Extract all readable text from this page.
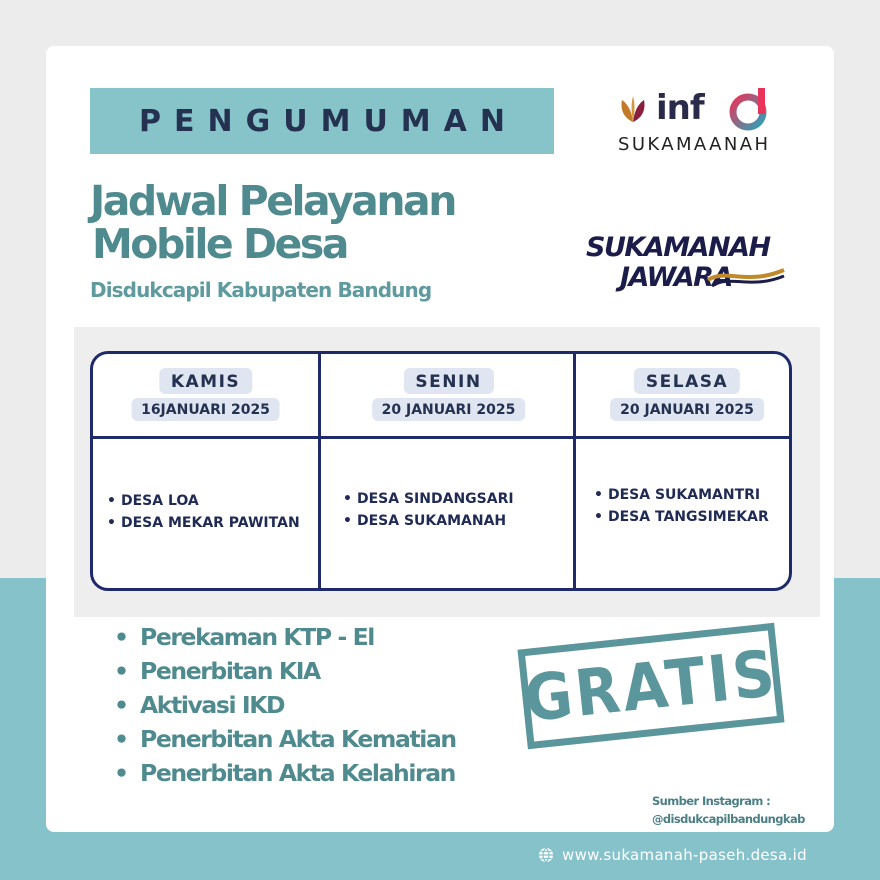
PENGUMUMAN
Jadwal Pelayanan
Mobile Desa
Disdukcapil Kabupaten Bandung
inf
SUKAMAANAH
SUKAMANAH
JAWARA
KAMIS
16JANUARI 2025
• DESA LOA
• DESA MEKAR PAWITAN
SENIN
20 JANUARI 2025
• DESA SINDANGSARI
• DESA SUKAMANAH
SELASA
20 JANUARI 2025
• DESA SUKAMANTRI
• DESA TANGSIMEKAR
• Perekaman KTP - El
• Penerbitan KIA
• Aktivasi IKD
• Penerbitan Akta Kematian
• Penerbitan Akta Kelahiran
GRATIS
Sumber Instagram :
@disdukcapilbandungkab
www.sukamanah-paseh.desa.id
